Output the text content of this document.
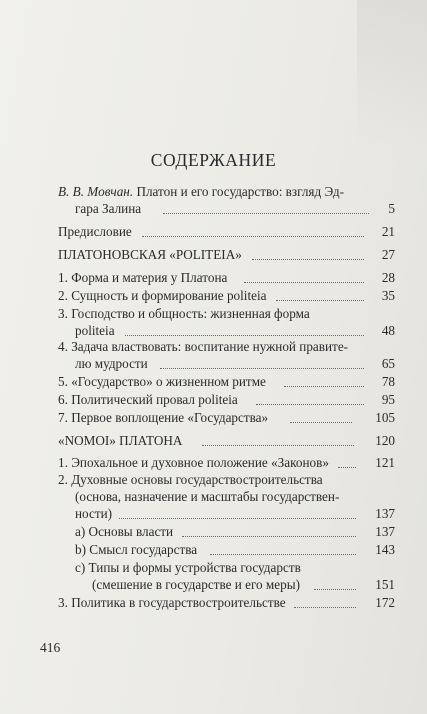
СОДЕРЖАНИЕ
В. В. Мовчан. Платон и его государство: взгляд Эд-
гара Залина	5
Предисловие	21
ПЛАТОНОВСКАЯ «POLITEIA»	27
1. Форма и материя у Платона	28
2. Сущность и формирование politeia	35
3. Господство и общность: жизненная форма
politeia	48
4. Задача властвовать: воспитание нужной правите-
лю мудрости	65
5. «Государство» о жизненном ритме	78
6. Политический провал politeia	95
7. Первое воплощение «Государства»	105
«NOMOI» ПЛАТОНА	120
1. Эпохальное и духовное положение «Законов»	121
2. Духовные основы государствостроительства
(основа, назначение и масштабы государствен-
ности)	137
а) Основы власти	137
b) Смысл государства	143
с) Типы и формы устройства государств
(смешение в государстве и его меры)	151
3. Политика в государствостроительстве	172
416
